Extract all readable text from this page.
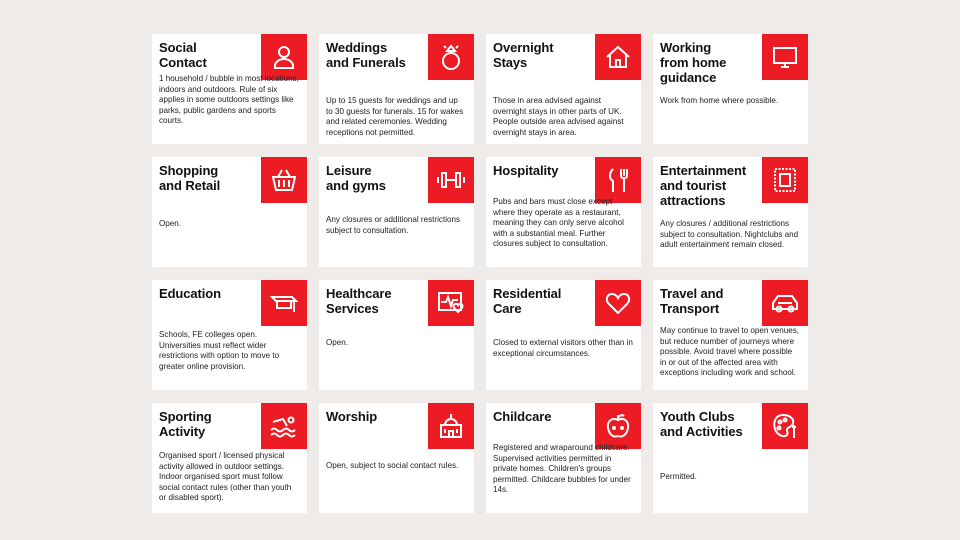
Social
Contact
1 household / bubble in most locations, indoors and outdoors. Rule of six applies in some outdoors settings like parks, public gardens and sports courts.
Weddings
and Funerals
Up to 15 guests for weddings and up to 30 guests for funerals. 15 for wakes and related ceremonies. Wedding receptions not permitted.
Overnight
Stays
Those in area advised against overnight stays in other parts of UK. People outside area advised against overnight stays in area.
Working
from home
guidance
Work from home where possible.
Shopping
and Retail
Open.
Leisure
and gyms
Any closures or additional restrictions subject to consultation.
Hospitality
Pubs and bars must close except where they operate as a restaurant, meaning they can only serve alcohol with a substantial meal. Further closures subject to consultation.
Entertainment
and tourist
attractions
Any closures / additional restrictions subject to consultation. Nightclubs and adult entertainment remain closed.
Education
Schools, FE colleges open. Universities must reflect wider restrictions with option to move to greater online provision.
Healthcare
Services
Open.
Residential
Care
Closed to external visitors other than in exceptional circumstances.
Travel and
Transport
May continue to travel to open venues, but reduce number of journeys where possible. Avoid travel where possible in or out of the affected area with exceptions including work and school.
Sporting
Activity
Organised sport / licensed physical activity allowed in outdoor settings. Indoor organised sport must follow social contact rules (other than youth or disabled sport).
Worship
Open, subject to social contact rules.
Childcare
Registered and wraparound childcare. Supervised activities permitted in private homes. Children's groups permitted. Childcare bubbles for under 14s.
Youth Clubs
and Activities
Permitted.
